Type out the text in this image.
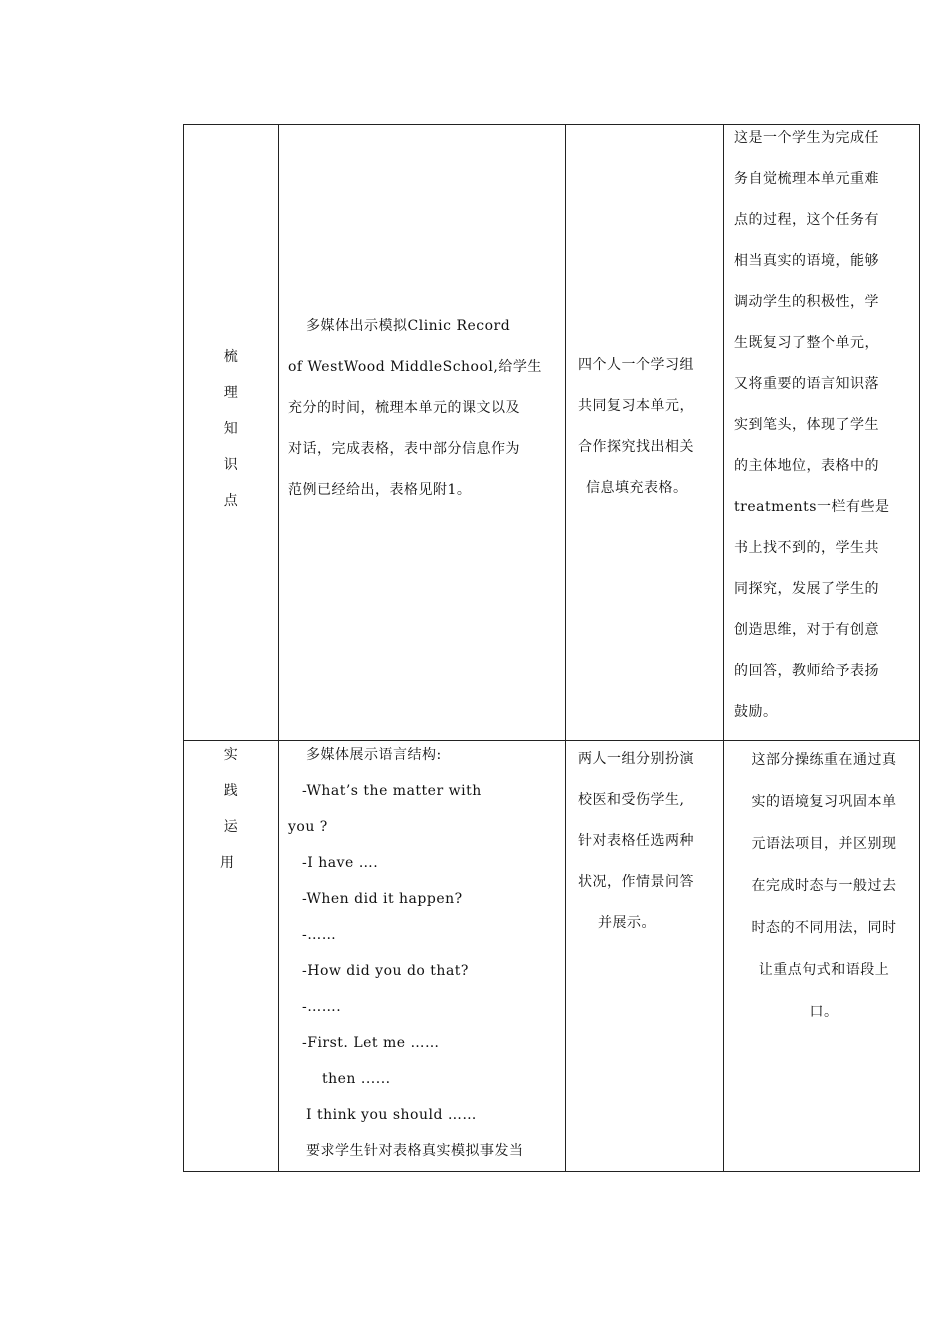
梳
理
知
识
点
多媒体出示模拟Clinic Record
of WestWood MiddleSchool,给学生
充分的时间，梳理本单元的课文以及
对话，完成表格，表中部分信息作为
范例已经给出，表格见附1。
四个人一个学习组
共同复习本单元，
合作探究找出相关
信息填充表格。
这是一个学生为完成任
务自觉梳理本单元重难
点的过程，这个任务有
相当真实的语境，能够
调动学生的积极性，学
生既复习了整个单元，
又将重要的语言知识落
实到笔头，体现了学生
的主体地位，表格中的
treatments一栏有些是
书上找不到的，学生共
同探究，发展了学生的
创造思维，对于有创意
的回答，教师给予表扬
鼓励。
实
践
运
用
多媒体展示语言结构:
-What’s the matter with
you ?
-I have ….
-When did it happen?
-……
-How did you do that?
-…….
-First. Let me ……
then ......
I think you should ……
要求学生针对表格真实模拟事发当
两人一组分别扮演
校医和受伤学生,
针对表格任选两种
状况，作情景问答
并展示。
这部分操练重在通过真
实的语境复习巩固本单
元语法项目，并区别现
在完成时态与一般过去
时态的不同用法，同时
让重点句式和语段上
口。
